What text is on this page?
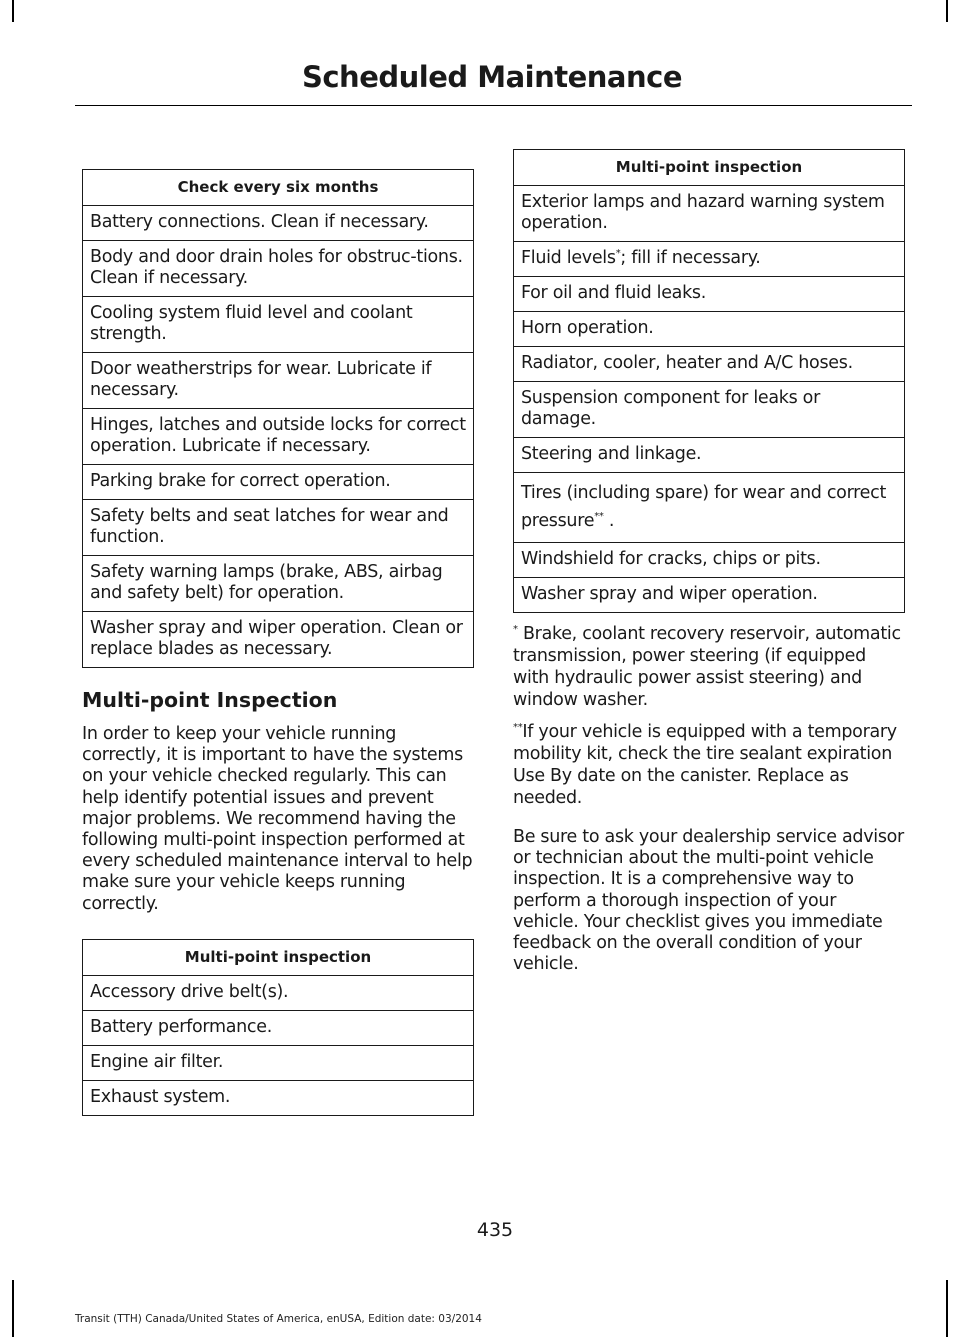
Scheduled Maintenance
Check every six months
Battery connections. Clean if necessary.
Body and door drain holes for obstruc-tions. Clean if necessary.
Cooling system fluid level and coolant strength.
Door weatherstrips for wear. Lubricate if necessary.
Hinges, latches and outside locks for correct operation. Lubricate if necessary.
Parking brake for correct operation.
Safety belts and seat latches for wear and function.
Safety warning lamps (brake, ABS, airbag and safety belt) for operation.
Washer spray and wiper operation. Clean or replace blades as necessary.
Multi-point Inspection

In order to keep your vehicle running correctly, it is important to have the systems on your vehicle checked regularly. This can help identify potential issues and prevent major problems. We recommend having the following multi-point inspection performed at every scheduled maintenance interval to help make sure your vehicle keeps running correctly.

Multi-point inspection
Accessory drive belt(s).
Battery performance.
Engine air filter.
Exhaust system.
Multi-point inspection
Exterior lamps and hazard warning system operation.
Fluid levels*; fill if necessary.
For oil and fluid leaks.
Horn operation.
Radiator, cooler, heater and A/C hoses.
Suspension component for leaks or damage.
Steering and linkage.
Tires (including spare) for wear and correct pressure** .
Windshield for cracks, chips or pits.
Washer spray and wiper operation.

* Brake, coolant recovery reservoir, automatic transmission, power steering (if equipped with hydraulic power assist steering) and window washer.

**If your vehicle is equipped with a temporary mobility kit, check the tire sealant expiration Use By date on the canister. Replace as needed.

Be sure to ask your dealership service advisor or technician about the multi-point vehicle inspection. It is a comprehensive way to perform a thorough inspection of your vehicle. Your checklist gives you immediate feedback on the overall condition of your vehicle.

435
Transit (TTH) Canada/United States of America, enUSA, Edition date: 03/2014
